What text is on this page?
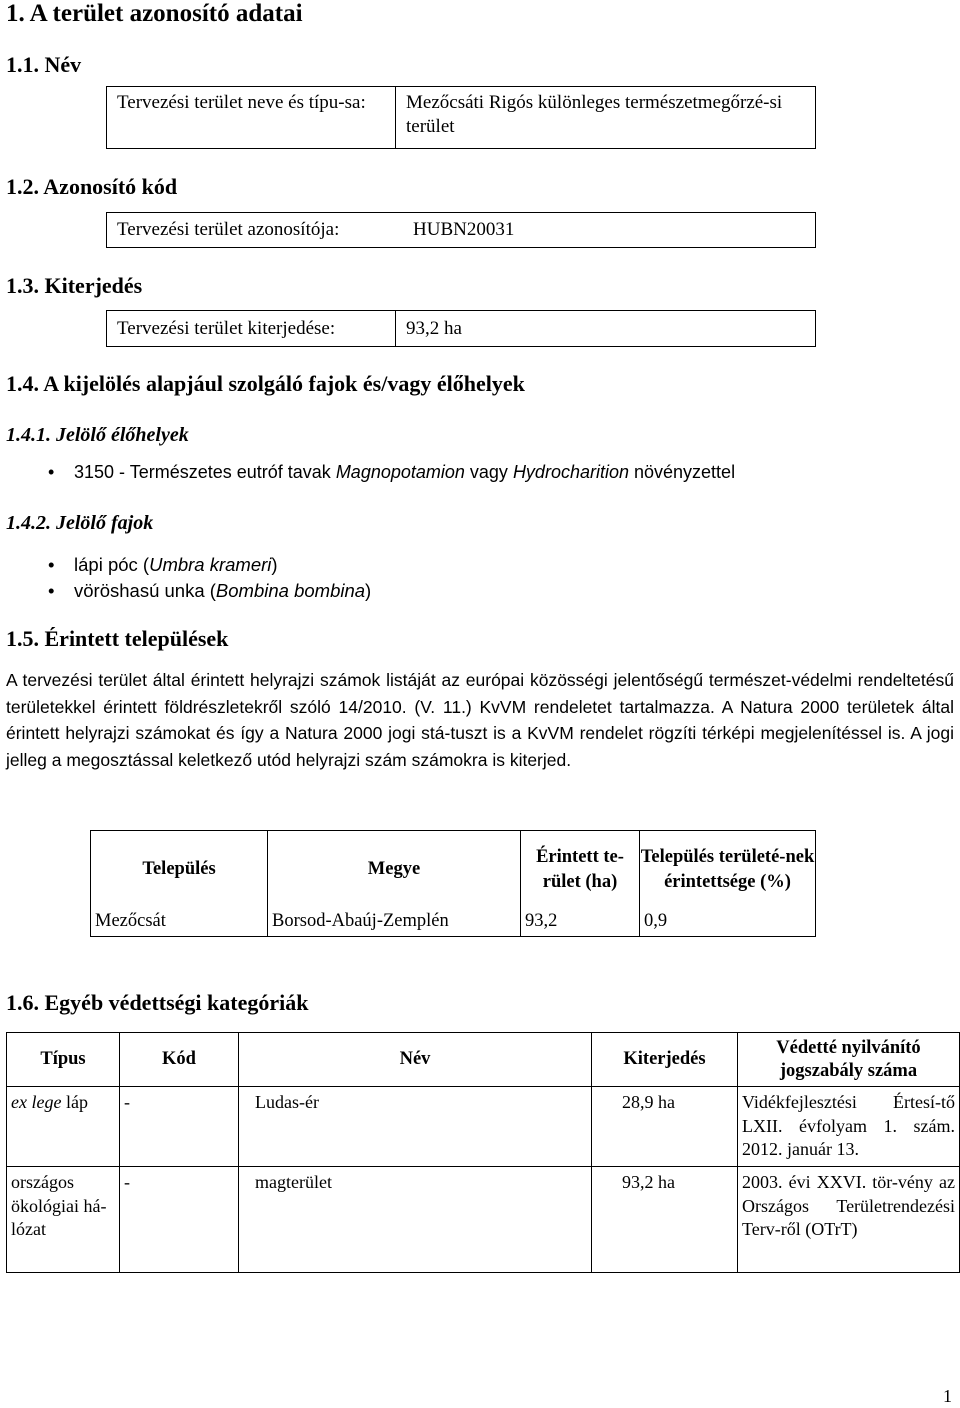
1. A terület azonosító adatai
1.1. Név
Tervezési terület neve és típu-sa:	Mezőcsáti Rigós különleges természetmegőrzé-si terület
1.2. Azonosító kód
Tervezési terület azonosítója:	HUBN20031
1.3. Kiterjedés
Tervezési terület kiterjedése:	93,2 ha
1.4. A kijelölés alapjául szolgáló fajok és/vagy élőhelyek
1.4.1. Jelölő élőhelyek
• 3150 - Természetes eutróf tavak Magnopotamion vagy Hydrocharition növényzettel
1.4.2. Jelölő fajok
• lápi póc (Umbra krameri)
• vöröshasú unka (Bombina bombina)
1.5. Érintett települések
A tervezési terület által érintett helyrajzi számok listáját az európai közösségi jelentőségű természet-védelmi rendeltetésű területekkel érintett földrészletekről szóló 14/2010. (V. 11.) KvVM rendeletet tartalmazza. A Natura 2000 területek által érintett helyrajzi számokat és így a Natura 2000 jogi stá-tuszt is a KvVM rendelet rögzíti térképi megjelenítéssel is. A jogi jelleg a megosztással keletkező utód helyrajzi szám számokra is kiterjed.
Település	Megye	Érintett te-rület (ha)	Település területé-nek érintettsége (%)
Mezőcsát	Borsod-Abaúj-Zemplén	93,2	0,9
1.6. Egyéb védettségi kategóriák
Típus	Kód	Név	Kiterjedés	Védetté nyilvánító jogszabály száma
ex lege láp	-	Ludas-ér	28,9 ha	Vidékfejlesztési Értesí-tő LXII. évfolyam 1. szám. 2012. január 13.
országos ökológiai há-lózat	-	magterület	93,2 ha	2003. évi XXVI. tör-vény az Országos Területrendezési Terv-ről (OTrT)
1
